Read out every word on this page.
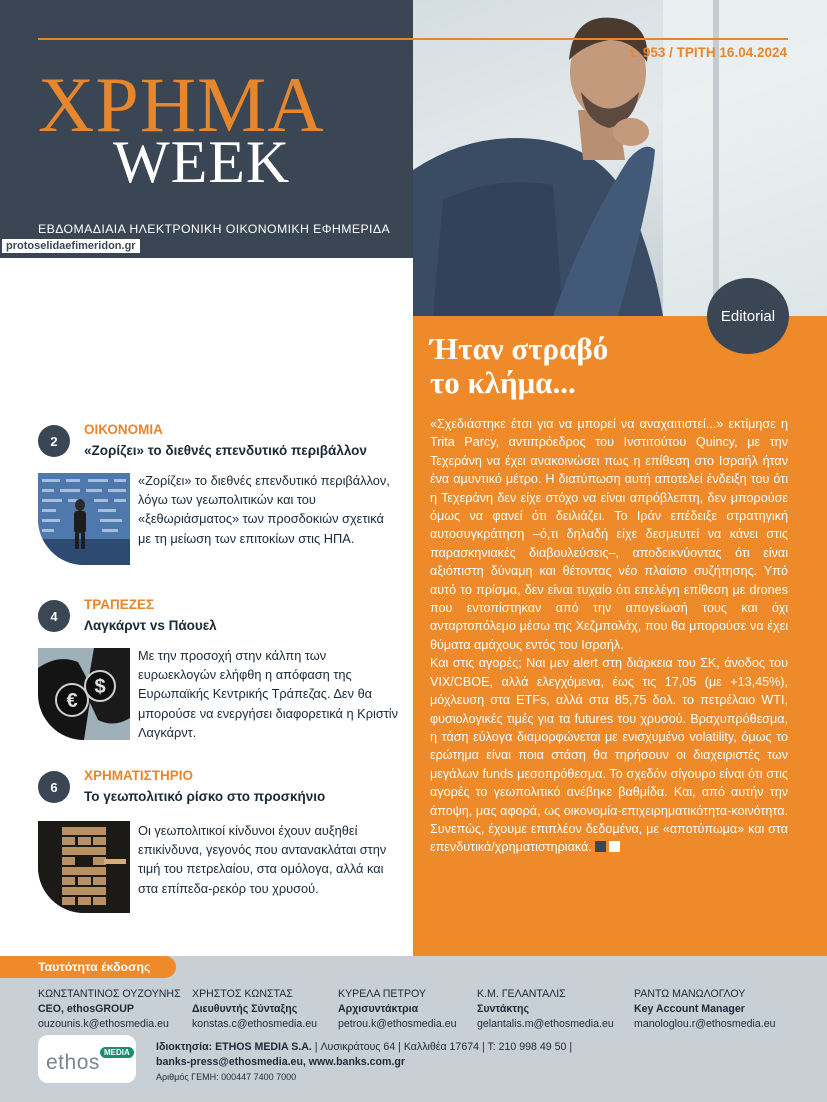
ΧΡΗΜΑ
WEEK
ΕΒΔΟΜΑΔΙΑΙΑ ΗΛΕΚΤΡΟΝΙΚΗ ΟΙΚΟΝΟΜΙΚΗ ΕΦΗΜΕΡΙΔΑ
protoselidaefimeridon.gr
τ. 953 / ΤΡΙΤΗ 16.04.2024
Editorial
Ήταν στραβό
το κλήμα...

«Σχεδιάστηκε έτσι για να μπορεί να αναχαιτιστεί...» εκτίμησε η Trita Parcy, αντιπρόεδρος του Ινστιτούτου Quincy, με την Τεχεράνη να έχει ανακοινώσει πως η επίθεση στο Ισραήλ ήταν ένα αμυντικό μέτρο. Η διατύπωση αυτή αποτελεί ένδειξη του ότι η Τεχεράνη δεν είχε στόχο να είναι απρόβλεπτη, δεν μπορούσε όμως να φανεί ότι δειλιάζει. Το Ιράν επέδειξε στρατηγική αυτοσυγκράτηση –ό,τι δηλαδή είχε δεσμευτεί να κάνει στις παρασκηνιακές διαβουλεύσεις–, αποδεικνύοντας ότι είναι αξιόπιστη δύναμη και θέτοντας νέο πλαίσιο συζήτησης. Υπό αυτό το πρίσμα, δεν είναι τυχαίο ότι επελέγη επίθεση με drones που εντοπίστηκαν από την απογείωσή τους και όχι ανταρτοπόλεμο μέσω της Χεζμπολάχ, που θα μπορούσε να έχει θύματα αμάχους εντός του Ισραήλ.

Και στις αγορές; Ναι μεν alert στη διάρκεια του ΣΚ, άνοδος του VIX/CBOE, αλλά ελεγχόμενα, έως τις 17,05 (με +13,45%), μόχλευση στα ETFs, αλλά στα 85,75 δολ. το πετρέλαιο WTI, φυσιολογικές τιμές για τα futures του χρυσού. Βραχυπρόθεσμα, η τάση εύλογα διαμορφώνεται με ενισχυμένο volatility, όμως το ερώτημα είναι ποια στάση θα τηρήσουν οι διαχειριστές των μεγάλων funds μεσοπρόθεσμα. Το σχεδόν σίγουρο είναι ότι στις αγορές το γεωπολιτικό ανέβηκε βαθμίδα. Και, από αυτήν την άποψη, μας αφορά, ως οικονομία-επιχειρηματικότητα-κοινότητα. Συνεπώς, έχουμε επιπλέον δεδομένα, με «αποτύπωμα» και στα επενδυτικά/χρηματιστηριακά.

2
ΟΙΚΟΝΟΜΙΑ
«Ζορίζει» το διεθνές επενδυτικό περιβάλλον
«Ζορίζει» το διεθνές επενδυτικό περιβάλλον, λόγω των γεωπολιτικών και του «ξεθωριάσματος» των προσδοκιών σχετικά με τη μείωση των επιτοκίων στις ΗΠΑ.
4
ΤΡΑΠΕΖΕΣ
Λαγκάρντ vs Πάουελ
€
$
Με την προσοχή στην κάλπη των ευρωεκλογών ελήφθη η απόφαση της Ευρωπαϊκής Κεντρικής Τράπεζας. Δεν θα μπορούσε να ενεργήσει διαφορετικά η Κριστίν Λαγκάρντ.
6
ΧΡΗΜΑΤΙΣΤΗΡΙΟ
Το γεωπολιτικό ρίσκο στο προσκήνιο
Οι γεωπολιτικοί κίνδυνοι έχουν αυξηθεί επικίνδυνα, γεγονός που αντανακλάται στην τιμή του πετρελαίου, στα ομόλογα, αλλά και στα επίπεδα-ρεκόρ του χρυσού.
Ταυτότητα έκδοσης
ΚΩΝΣΤΑΝΤΙΝΟΣ ΟΥΖΟΥΝΗΣ
CEO, ethosGROUP
ouzounis.k@ethosmedia.eu
ΧΡΗΣΤΟΣ ΚΩΝΣΤΑΣ
Διευθυντής Σύνταξης
konstas.c@ethosmedia.eu
ΚΥΡΕΛΑ ΠΕΤΡΟΥ
Αρχισυντάκτρια
petrou.k@ethosmedia.eu
Κ.Μ. ΓΕΛΑΝΤΑΛΙΣ
Συντάκτης
gelantalis.m@ethosmedia.eu
ΡΑΝΤΩ ΜΑΝΩΛΟΓΛΟΥ
Key Account Manager
manologlou.r@ethosmedia.eu
ethos MEDIA	Ιδιοκτησία: ETHOS MEDIA S.A. | Λυσικράτους 64 | Καλλιθέα 17674 | Τ: 210 998 49 50 |
banks-press@ethosmedia.eu, www.banks.com.gr
Αριθμός ΓΕΜΗ: 000447 7400 7000
